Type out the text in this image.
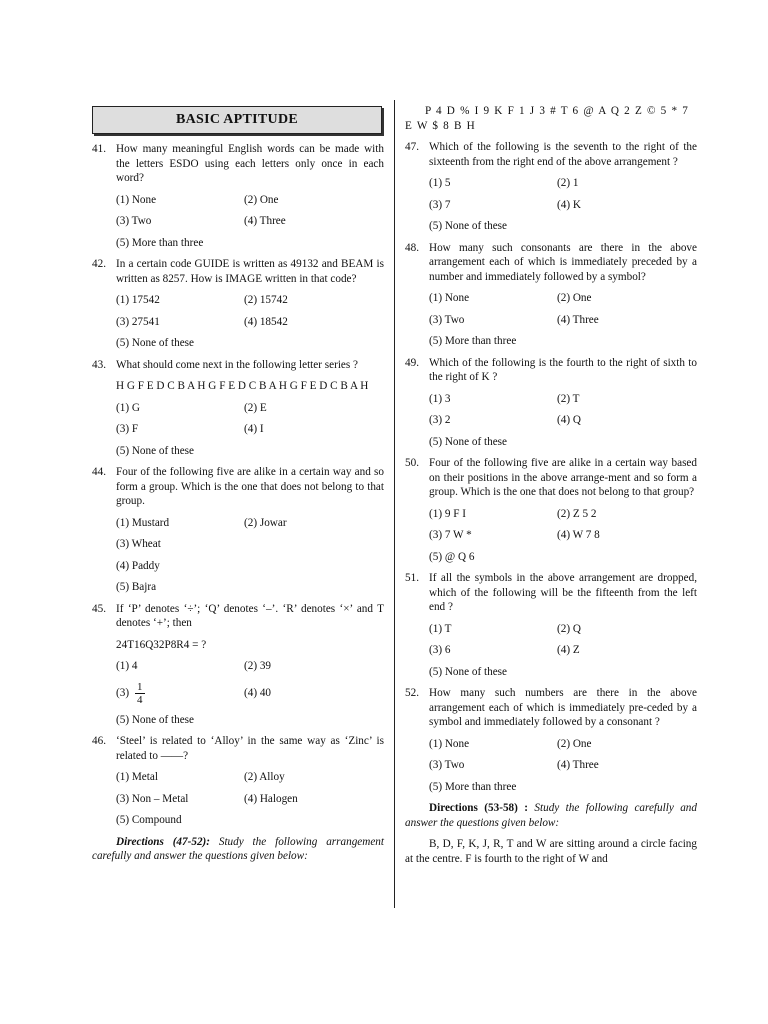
BASIC APTITUDE
41. How many meaningful English words can be made with the letters ESDO using each letters only once in each word?
(1) None	(2) One
(3) Two	(4) Three
(5) More than three
42. In a certain code GUIDE is written as 49132 and BEAM is written as 8257. How is IMAGE written in that code?
(1) 17542	(2) 15742
(3) 27541	(4) 18542
(5) None of these
43. What should come next in the following letter series ?
H G F E D C B A H G F E D C B A H G F E D C B A H
(1) G	(2) E
(3) F	(4) I
(5) None of these
44. Four of the following five are alike in a certain way and so form a group. Which is the one that does not belong to that group.
(1) Mustard	(2) Jowar
(3) Wheat
(4) Paddy
(5) Bajra
45. If ‘P’ denotes ‘÷’; ‘Q’ denotes ‘–’. ‘R’ denotes ‘×’ and T denotes ‘+’; then
24T16Q32P8R4 = ?
(1) 4	(2) 39
$(3) \frac{1}{4}$	(4) 40
(5) None of these
46. ‘Steel’ is related to ‘Alloy’ in the same way as ‘Zinc’ is related to ——?
(1) Metal	(2) Alloy
(3) Non – Metal	(4) Halogen
(5) Compound
Directions (47-52): Study the following arrangement carefully and answer the questions given below:
P 4 D % I 9 K F 1 J 3 # T 6 @ A Q 2 Z © 5 * 7 E W $ 8 B H
47. Which of the following is the seventh to the right of the sixteenth from the right end of the above arrangement ?
(1) 5	(2) 1
(3) 7	(4) K
(5) None of these
48. How many such consonants are there in the above arrangement each of which is immediately preceded by a number and immediately followed by a symbol?
(1) None	(2) One
(3) Two	(4) Three
(5) More than three
49. Which of the following is the fourth to the right of sixth to the right of K ?
(1) 3	(2) T
(3) 2	(4) Q
(5) None of these
50. Four of the following five are alike in a certain way based on their positions in the above arrange-ment and so form a group. Which is the one that does not belong to that group?
(1) 9 F I	(2) Z 5 2
(3) 7 W *	(4) W 7 8
(5) @ Q 6
51. If all the symbols in the above arrangement are dropped, which of the following will be the fifteenth from the left end ?
(1) T	(2) Q
(3) 6	(4) Z
(5) None of these
52. How many such numbers are there in the above arrangement each of which is immediately pre-ceded by a symbol and immediately followed by a consonant ?
(1) None	(2) One
(3) Two	(4) Three
(5) More than three
Directions (53-58) : Study the following carefully and answer the questions given below:
B, D, F, K, J, R, T and W are sitting around a circle facing at the centre. F is fourth to the right of W and
